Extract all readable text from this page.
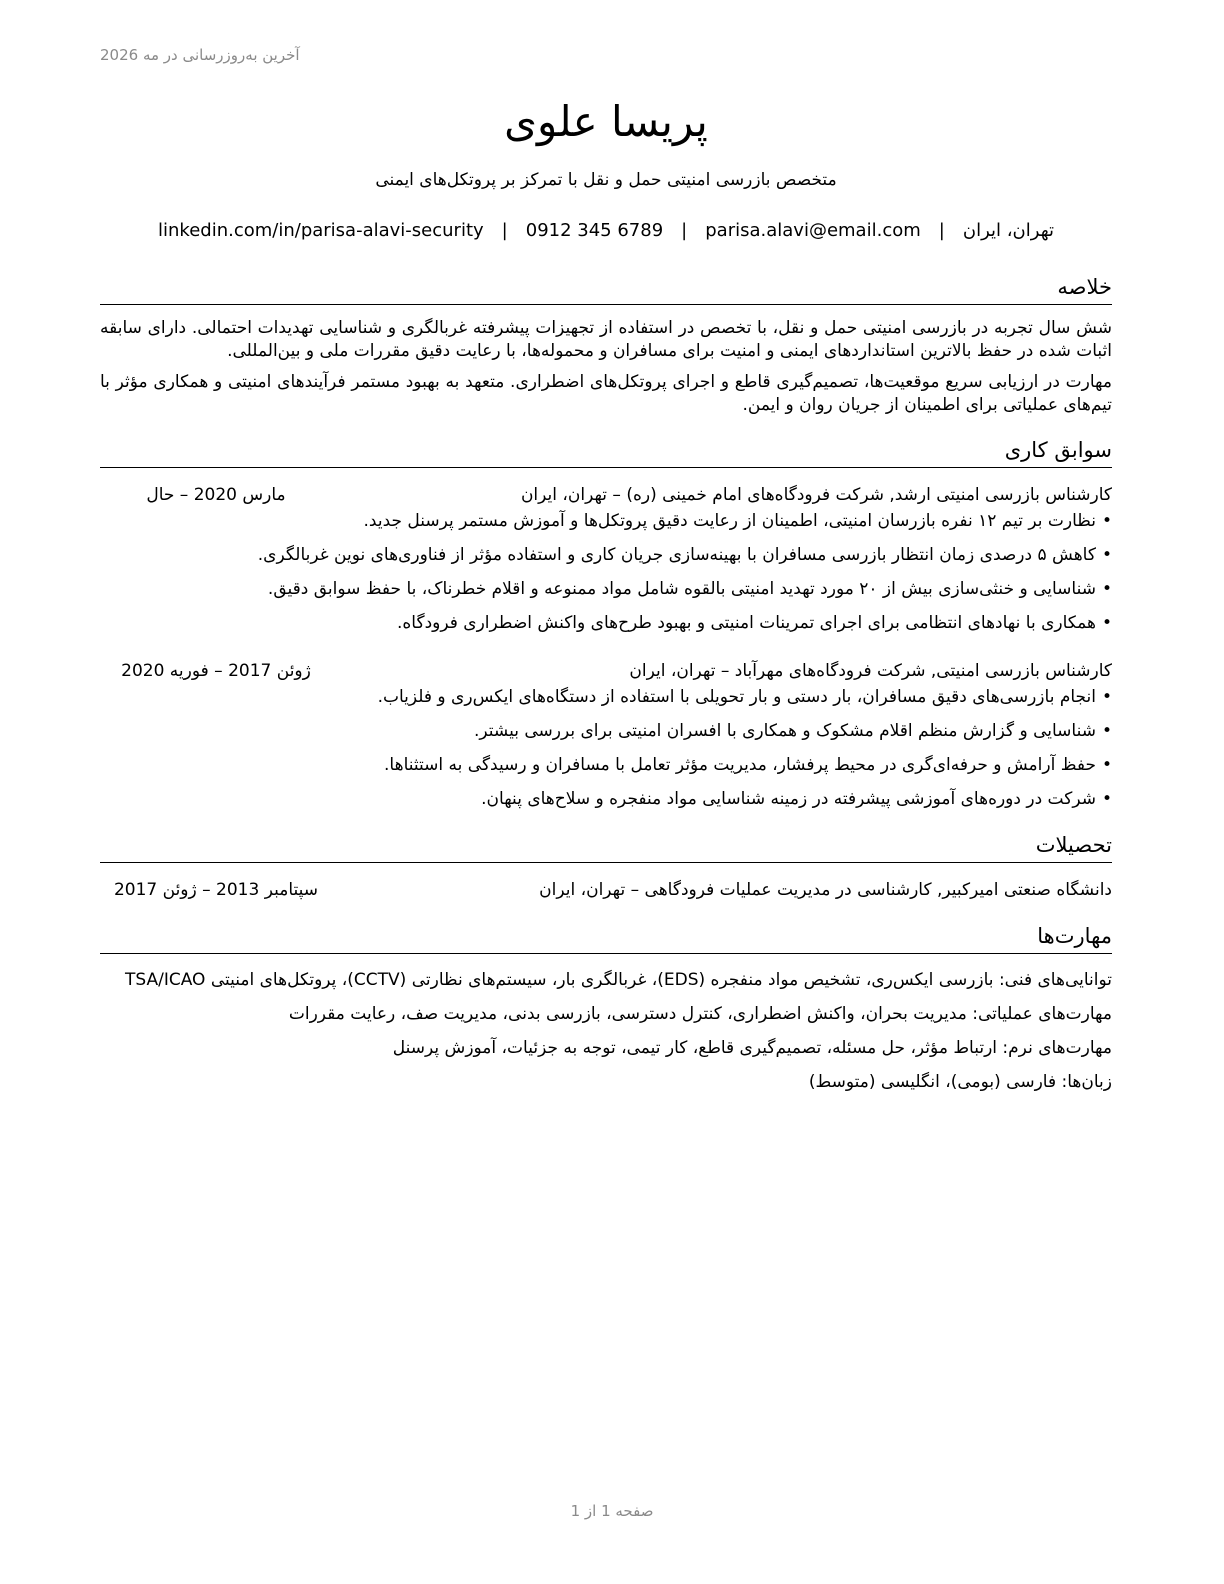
آخرین به‌روزرسانی در مه 2026
پریسا علوی
متخصص بازرسی امنیتی حمل و نقل با تمرکز بر پروتکل‌های ایمنی
تهران، ایران
|
parisa.alavi@email.com
|
0912 345 6789
|
linkedin.com/in/parisa-alavi-security
خلاصه

شش سال تجربه در بازرسی امنیتی حمل و نقل، با تخصص در استفاده از تجهیزات پیشرفته غربالگری و شناسایی تهدیدات احتمالی. دارای سابقه اثبات شده در حفظ بالاترین استانداردهای ایمنی و امنیت برای مسافران و محموله‌ها، با رعایت دقیق مقررات ملی و بین‌المللی.

مهارت در ارزیابی سریع موقعیت‌ها، تصمیم‌گیری قاطع و اجرای پروتکل‌های اضطراری. متعهد به بهبود مستمر فرآیندهای امنیتی و همکاری مؤثر با تیم‌های عملیاتی برای اطمینان از جریان روان و ایمن.

سوابق کاری
کارشناس بازرسی امنیتی ارشد, شرکت فرودگاه‌های امام خمینی (ره) – تهران، ایران
مارس 2020 – حال
•نظارت بر تیم ۱۲ نفره بازرسان امنیتی، اطمینان از رعایت دقیق پروتکل‌ها و آموزش مستمر پرسنل جدید.
•کاهش ۵ درصدی زمان انتظار بازرسی مسافران با بهینه‌سازی جریان کاری و استفاده مؤثر از فناوری‌های نوین غربالگری.
•شناسایی و خنثی‌سازی بیش از ۲۰ مورد تهدید امنیتی بالقوه شامل مواد ممنوعه و اقلام خطرناک، با حفظ سوابق دقیق.
•همکاری با نهادهای انتظامی برای اجرای تمرینات امنیتی و بهبود طرح‌های واکنش اضطراری فرودگاه.
کارشناس بازرسی امنیتی, شرکت فرودگاه‌های مهرآباد – تهران، ایران
ژوئن 2017 – فوریه 2020
•انجام بازرسی‌های دقیق مسافران، بار دستی و بار تحویلی با استفاده از دستگاه‌های ایکس‌ری و فلزیاب.
•شناسایی و گزارش منظم اقلام مشکوک و همکاری با افسران امنیتی برای بررسی بیشتر.
•حفظ آرامش و حرفه‌ای‌گری در محیط پرفشار، مدیریت مؤثر تعامل با مسافران و رسیدگی به استثناها.
•شرکت در دوره‌های آموزشی پیشرفته در زمینه شناسایی مواد منفجره و سلاح‌های پنهان.
تحصیلات
دانشگاه صنعتی امیرکبیر, کارشناسی در مدیریت عملیات فرودگاهی – تهران، ایران
سپتامبر 2013 – ژوئن 2017
مهارت‌ها

توانایی‌های فنی: بازرسی ایکس‌ری، تشخیص مواد منفجره (EDS)، غربالگری بار، سیستم‌های نظارتی (CCTV)، پروتکل‌های امنیتی TSA/ICAO

مهارت‌های عملیاتی: مدیریت بحران، واکنش اضطراری، کنترل دسترسی، بازرسی بدنی، مدیریت صف، رعایت مقررات

مهارت‌های نرم: ارتباط مؤثر، حل مسئله، تصمیم‌گیری قاطع، کار تیمی، توجه به جزئیات، آموزش پرسنل

زبان‌ها: فارسی (بومی)، انگلیسی (متوسط)

صفحه 1 از 1
